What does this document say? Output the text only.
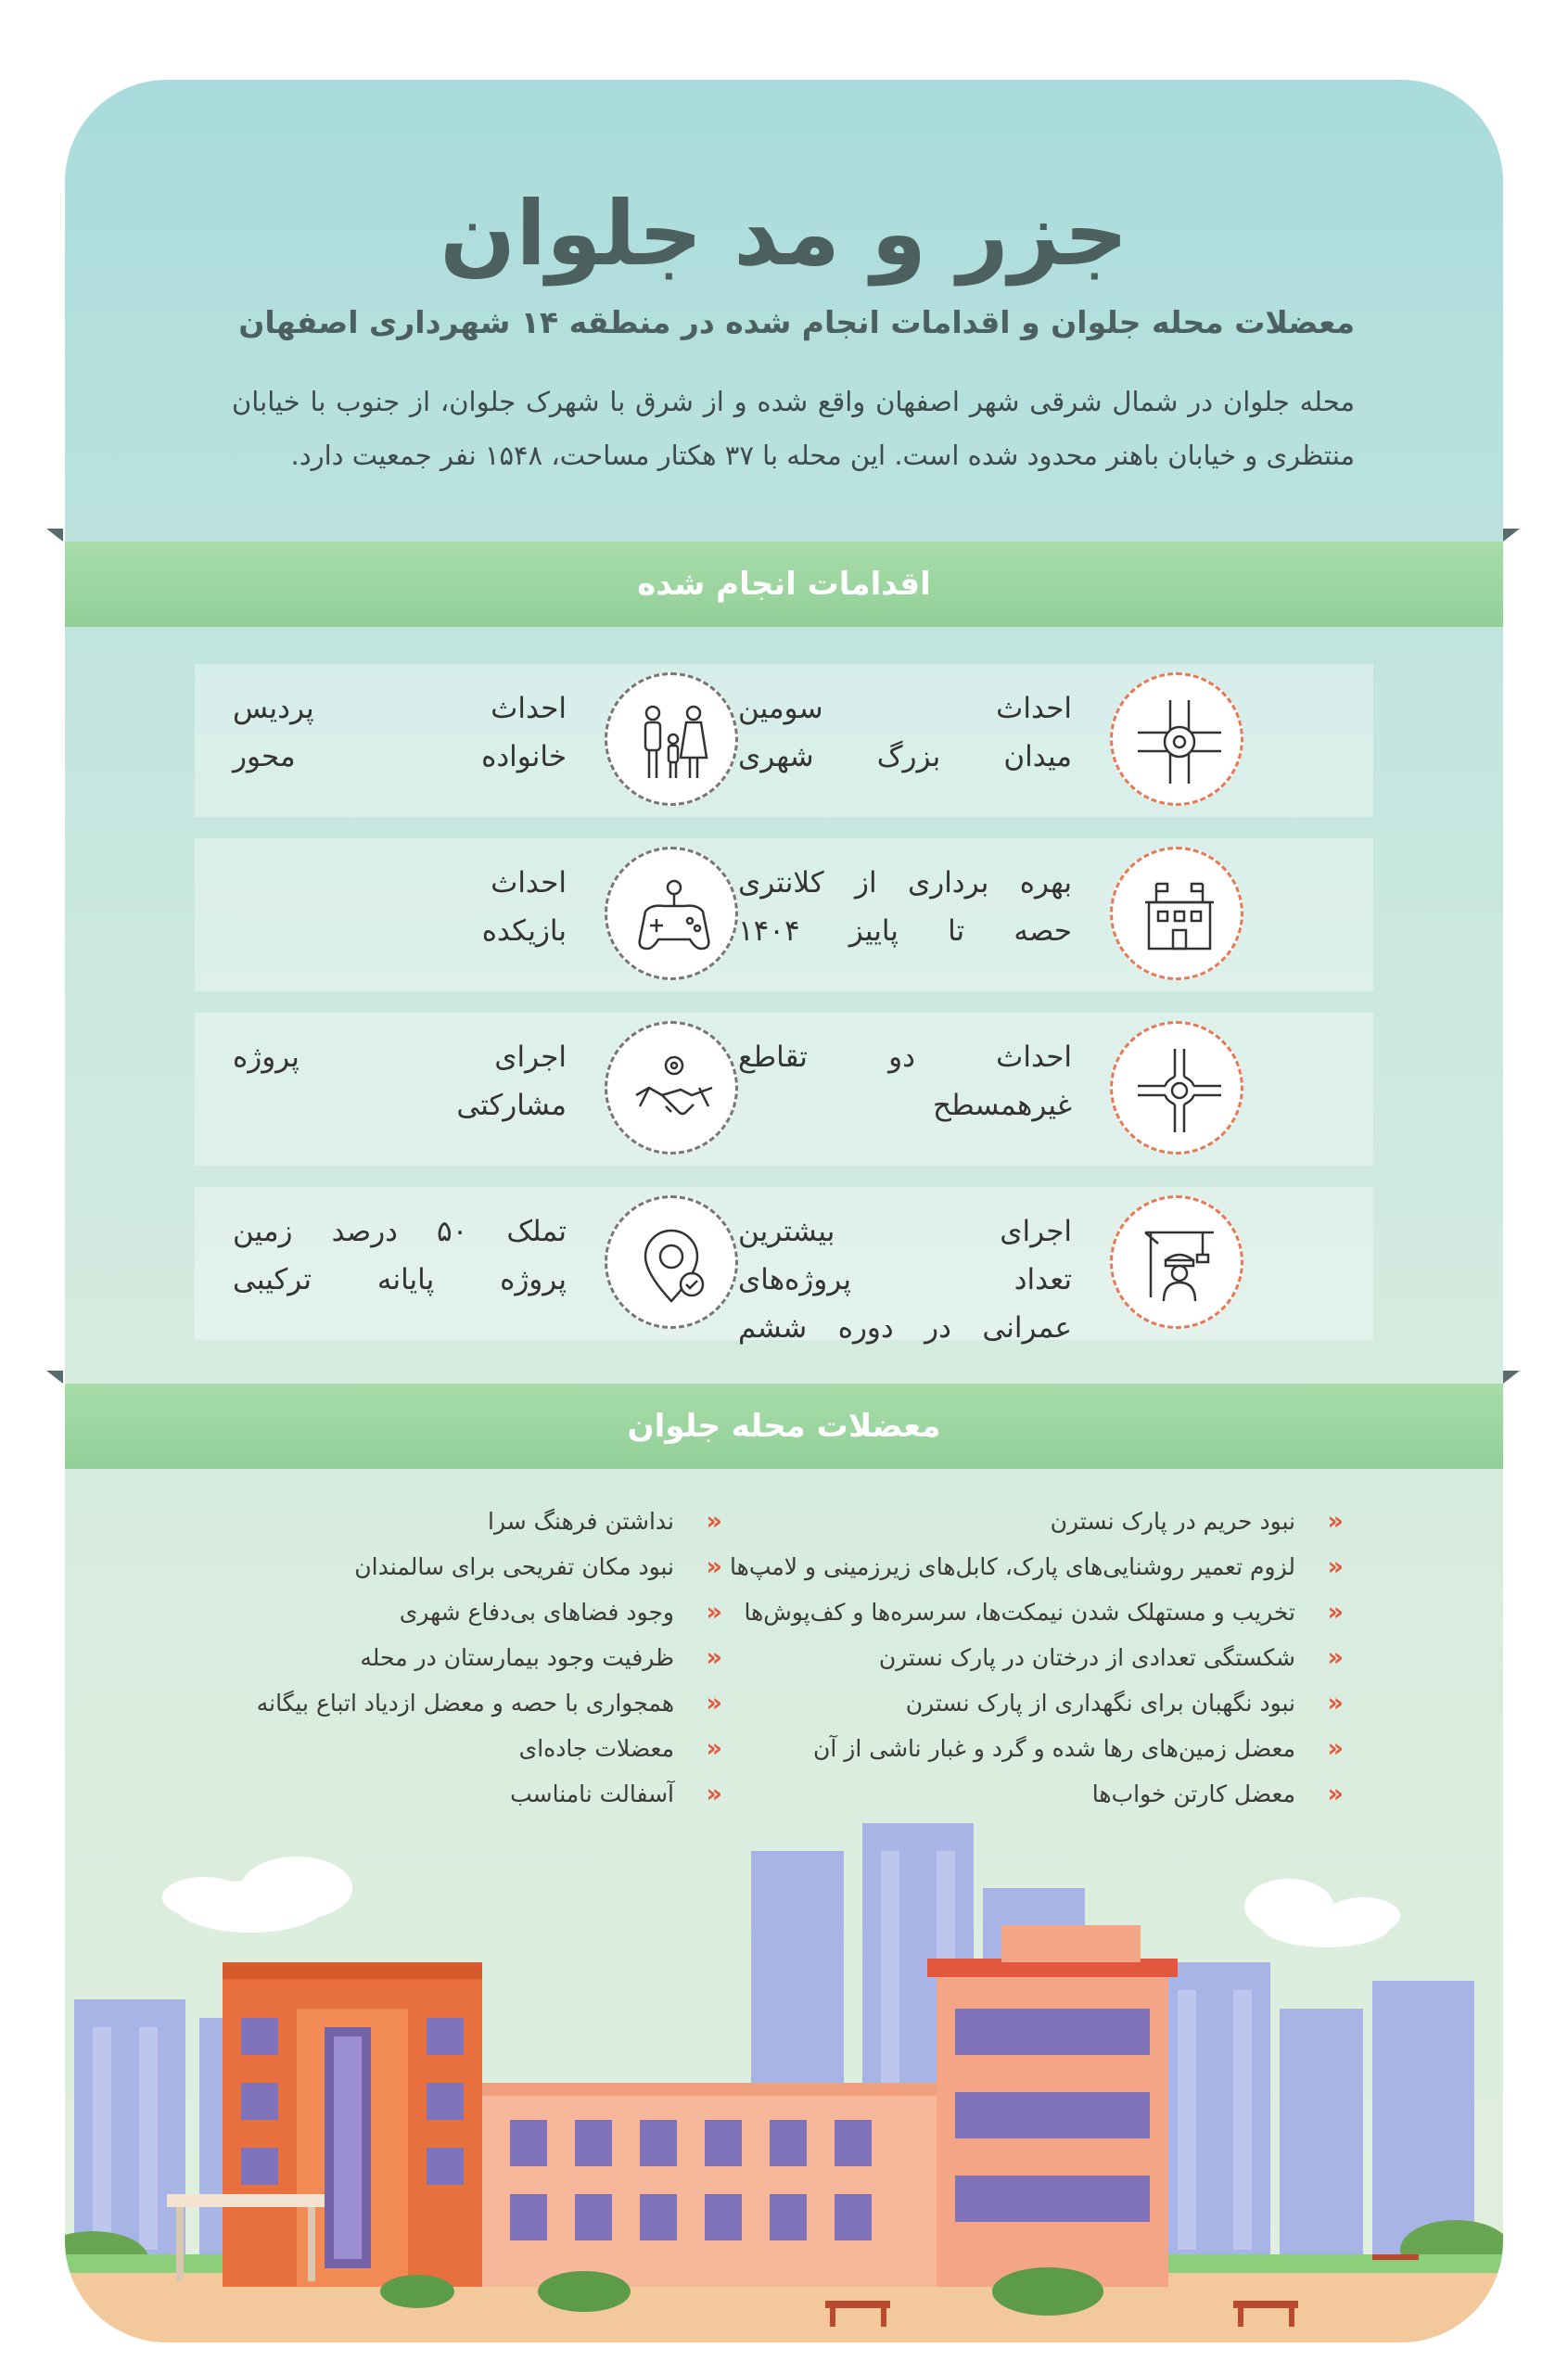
جزر و مد جلوان
معضلات محله جلوان و اقدامات انجام شده در منطقه ۱۴ شهرداری اصفهان
محله جلوان در شمال شرقی شهر اصفهان واقع شده و از شرق با شهرک جلوان، از جنوب با خیابان منتظری و خیابان باهنر محدود شده است. این محله با ۳۷ هکتار مساحت، ۱۵۴۸ نفر جمعیت دارد.
اقدامات انجام شده
احداث سومین
میدان بزرگ شهری
احداث پردیس
خانواده محور
بهره برداری از کلانتری
حصه تا پاییز ۱۴۰۴
احداث
بازیکده
احداث دو تقاطع
غیرهمسطح
اجرای پروژه
مشارکتی
اجرای بیشترین
تعداد پروژه‌های
عمرانی در دوره ششم
تملک ۵۰ درصد زمین
پروژه پایانه ترکیبی
معضلات محله جلوان
«
نبود حریم در پارک نسترن
«
لزوم تعمیر روشنایی‌های پارک، کابل‌های زیرزمینی و لامپ‌ها
«
تخریب و مستهلک شدن نیمکت‌ها، سرسره‌ها و کف‌پوش‌ها
«
شکستگی تعدادی از درختان در پارک نسترن
«
نبود نگهبان برای نگهداری از پارک نسترن
«
معضل زمین‌های رها شده و گرد و غبار ناشی از آن
«
معضل کارتن خواب‌ها
«
نداشتن فرهنگ سرا
«
نبود مکان تفریحی برای سالمندان
«
وجود فضاهای بی‌دفاع شهری
«
ظرفیت وجود بیمارستان در محله
«
همجواری با حصه و معضل ازدیاد اتباع بیگانه
«
معضلات جاده‌ای
«
آسفالت نامناسب
